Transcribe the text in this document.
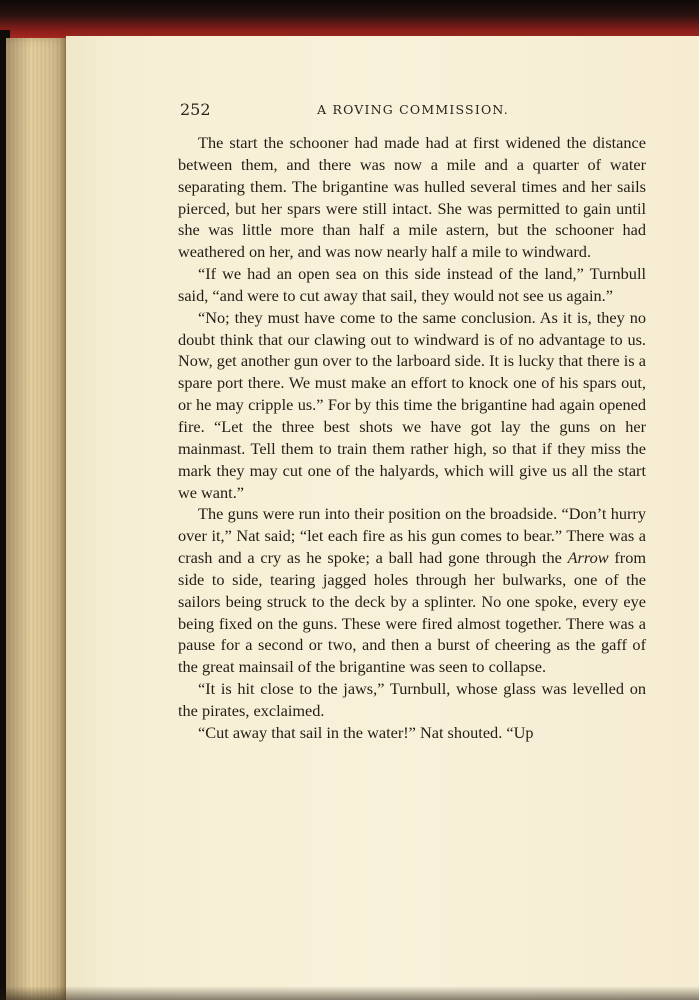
252	A ROVING COMMISSION.

The start the schooner had made had at first widened the distance between them, and there was now a mile and a quarter of water separating them. The brigantine was hulled several times and her sails pierced, but her spars were still intact. She was permitted to gain until she was little more than half a mile astern, but the schooner had weathered on her, and was now nearly half a mile to windward.

“If we had an open sea on this side instead of the land,” Turnbull said, “and were to cut away that sail, they would not see us again.”

“No; they must have come to the same conclusion. As it is, they no doubt think that our clawing out to windward is of no advantage to us. Now, get another gun over to the larboard side. It is lucky that there is a spare port there. We must make an effort to knock one of his spars out, or he may cripple us.” For by this time the brigantine had again opened fire. “Let the three best shots we have got lay the guns on her mainmast. Tell them to train them rather high, so that if they miss the mark they may cut one of the halyards, which will give us all the start we want.”

The guns were run into their position on the broadside. “Don’t hurry over it,” Nat said; “let each fire as his gun comes to bear.” There was a crash and a cry as he spoke; a ball had gone through the Arrow from side to side, tearing jagged holes through her bulwarks, one of the sailors being struck to the deck by a splinter. No one spoke, every eye being fixed on the guns. These were fired almost together. There was a pause for a second or two, and then a burst of cheering as the gaff of the great mainsail of the brigantine was seen to collapse.

“It is hit close to the jaws,” Turnbull, whose glass was levelled on the pirates, exclaimed.

“Cut away that sail in the water!” Nat shouted. “Up
